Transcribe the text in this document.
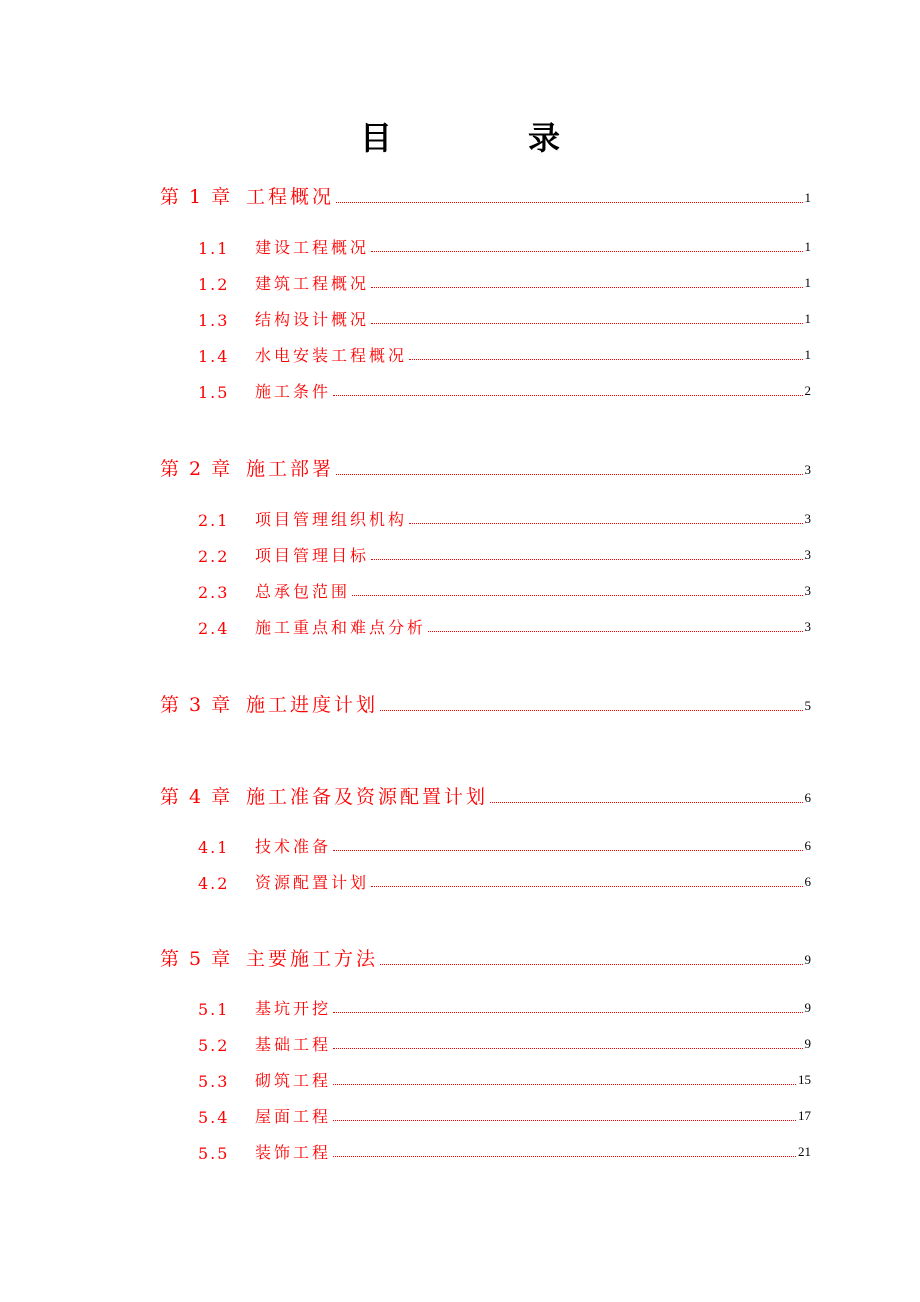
目录
第 1 章 工程概况	1
1.1	建设工程概况	1
1.2	建筑工程概况	1
1.3	结构设计概况	1
1.4	水电安装工程概况	1
1.5	施工条件	2
第 2 章 施工部署	3
2.1	项目管理组织机构	3
2.2	项目管理目标	3
2.3	总承包范围	3
2.4	施工重点和难点分析	3
第 3 章 施工进度计划	5
第 4 章 施工准备及资源配置计划	6
4.1	技术准备	6
4.2	资源配置计划	6
第 5 章 主要施工方法	9
5.1	基坑开挖	9
5.2	基础工程	9
5.3	砌筑工程	15
5.4	屋面工程	17
5.5	装饰工程	21
